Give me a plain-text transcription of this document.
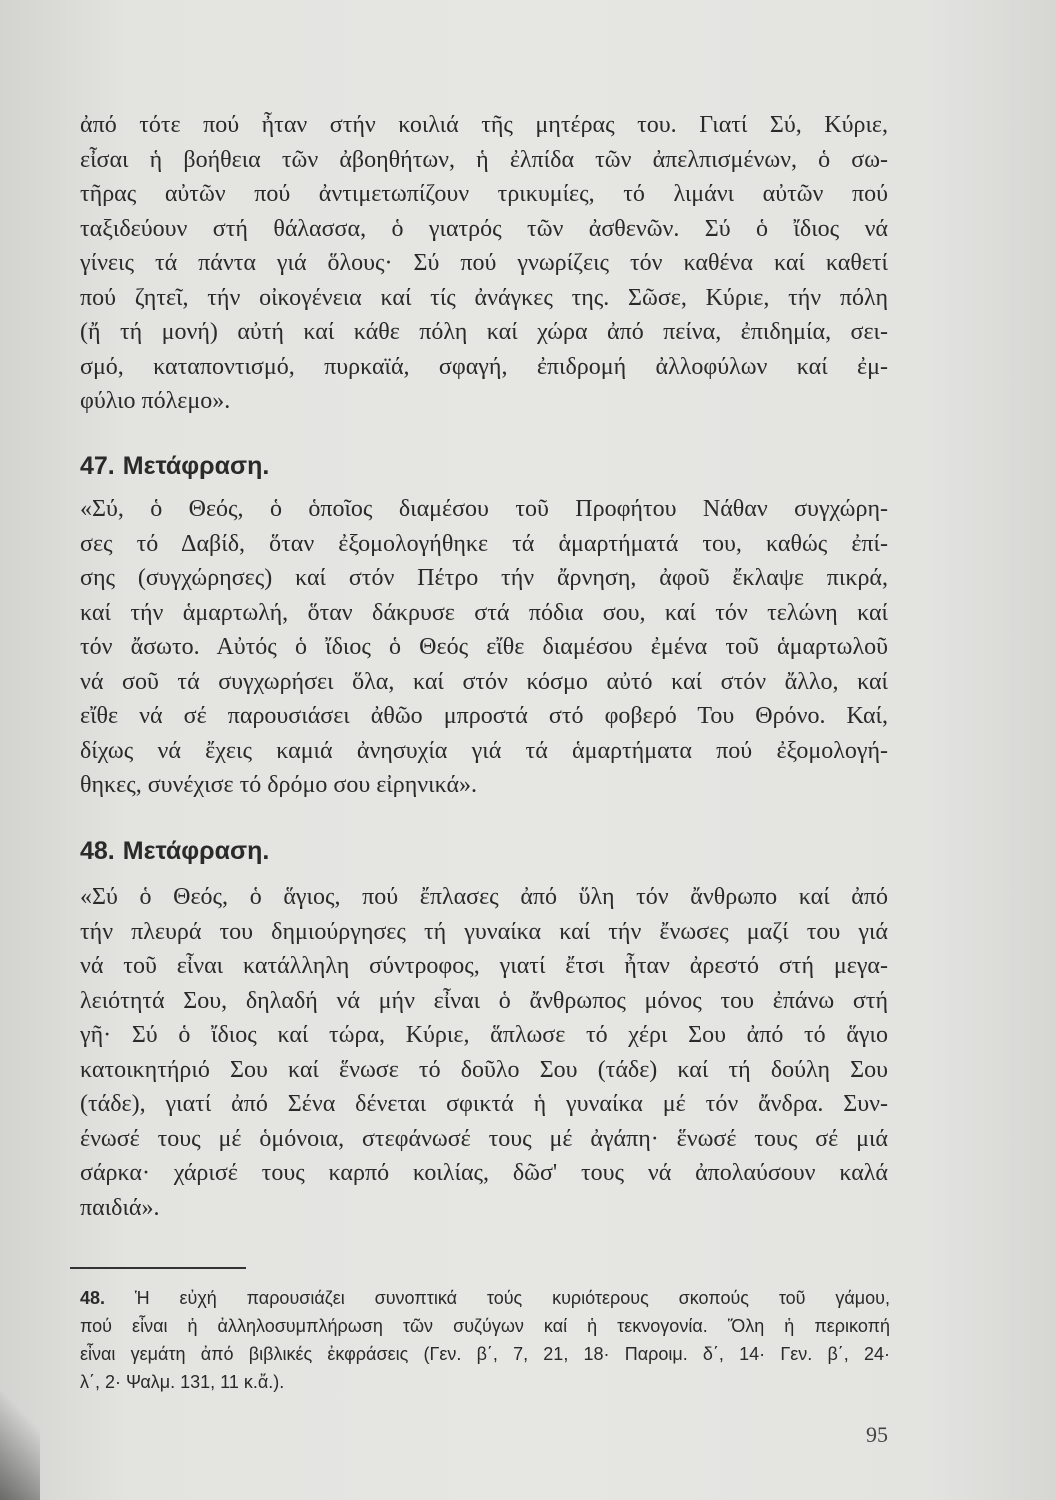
ἀπό τότε πού ἦταν στήν κοιλιά τῆς μητέρας του. Γιατί Σύ, Κύριε,
εἶσαι ἡ βοήθεια τῶν ἀβοηθήτων, ἡ ἐλπίδα τῶν ἀπελπισμένων, ὁ σω-
τῆρας αὐτῶν πού ἀντιμετωπίζουν τρικυμίες, τό λιμάνι αὐτῶν πού
ταξιδεύουν στή θάλασσα, ὁ γιατρός τῶν ἀσθενῶν. Σύ ὁ ἴδιος νά
γίνεις τά πάντα γιά ὅλους· Σύ πού γνωρίζεις τόν καθένα καί καθετί
πού ζητεῖ, τήν οἰκογένεια καί τίς ἀνάγκες της. Σῶσε, Κύριε, τήν πόλη
(ἤ τή μονή) αὐτή καί κάθε πόλη καί χώρα ἀπό πείνα, ἐπιδημία, σει-
σμό, καταποντισμό, πυρκαϊά, σφαγή, ἐπιδρομή ἀλλοφύλων καί ἐμ-
φύλιο πόλεμο».
47. Μετάφραση.
«Σύ, ὁ Θεός, ὁ ὁποῖος διαμέσου τοῦ Προφήτου Νάθαν συγχώρη-
σες τό Δαβίδ, ὅταν ἐξομολογήθηκε τά ἁμαρτήματά του, καθώς ἐπί-
σης (συγχώρησες) καί στόν Πέτρο τήν ἄρνηση, ἀφοῦ ἔκλαψε πικρά,
καί τήν ἁμαρτωλή, ὅταν δάκρυσε στά πόδια σου, καί τόν τελώνη καί
τόν ἄσωτο. Αὐτός ὁ ἴδιος ὁ Θεός εἴθε διαμέσου ἐμένα τοῦ ἁμαρτωλοῦ
νά σοῦ τά συγχωρήσει ὅλα, καί στόν κόσμο αὐτό καί στόν ἄλλο, καί
εἴθε νά σέ παρουσιάσει ἀθῶο μπροστά στό φοβερό Του Θρόνο. Καί,
δίχως νά ἔχεις καμιά ἀνησυχία γιά τά ἁμαρτήματα πού ἐξομολογή-
θηκες, συνέχισε τό δρόμο σου εἰρηνικά».
48. Μετάφραση.
«Σύ ὁ Θεός, ὁ ἅγιος, πού ἔπλασες ἀπό ὕλη τόν ἄνθρωπο καί ἀπό
τήν πλευρά του δημιούργησες τή γυναίκα καί τήν ἔνωσες μαζί του γιά
νά τοῦ εἶναι κατάλληλη σύντροφος, γιατί ἔτσι ἦταν ἀρεστό στή μεγα-
λειότητά Σου, δηλαδή νά μήν εἶναι ὁ ἄνθρωπος μόνος του ἐπάνω στή
γῆ· Σύ ὁ ἴδιος καί τώρα, Κύριε, ἅπλωσε τό χέρι Σου ἀπό τό ἅγιο
κατοικητήριό Σου καί ἕνωσε τό δοῦλο Σου (τάδε) καί τή δούλη Σου
(τάδε), γιατί ἀπό Σένα δένεται σφικτά ἡ γυναίκα μέ τόν ἄνδρα. Συν-
ένωσέ τους μέ ὁμόνοια, στεφάνωσέ τους μέ ἀγάπη· ἕνωσέ τους σέ μιά
σάρκα· χάρισέ τους καρπό κοιλίας, δῶσ' τους νά ἀπολαύσουν καλά
παιδιά».
48. Ἡ εὐχή παρουσιάζει συνοπτικά τούς κυριότερους σκοπούς τοῦ γάμου,
πού εἶναι ἡ ἀλληλοσυμπλήρωση τῶν συζύγων καί ἡ τεκνογονία. Ὅλη ἡ περικοπή
εἶναι γεμάτη ἀπό βιβλικές ἐκφράσεις (Γεν. β΄, 7, 21, 18· Παροιμ. δ΄, 14· Γεν. β΄, 24·
λ΄, 2· Ψαλμ. 131, 11 κ.ἄ.).
95
